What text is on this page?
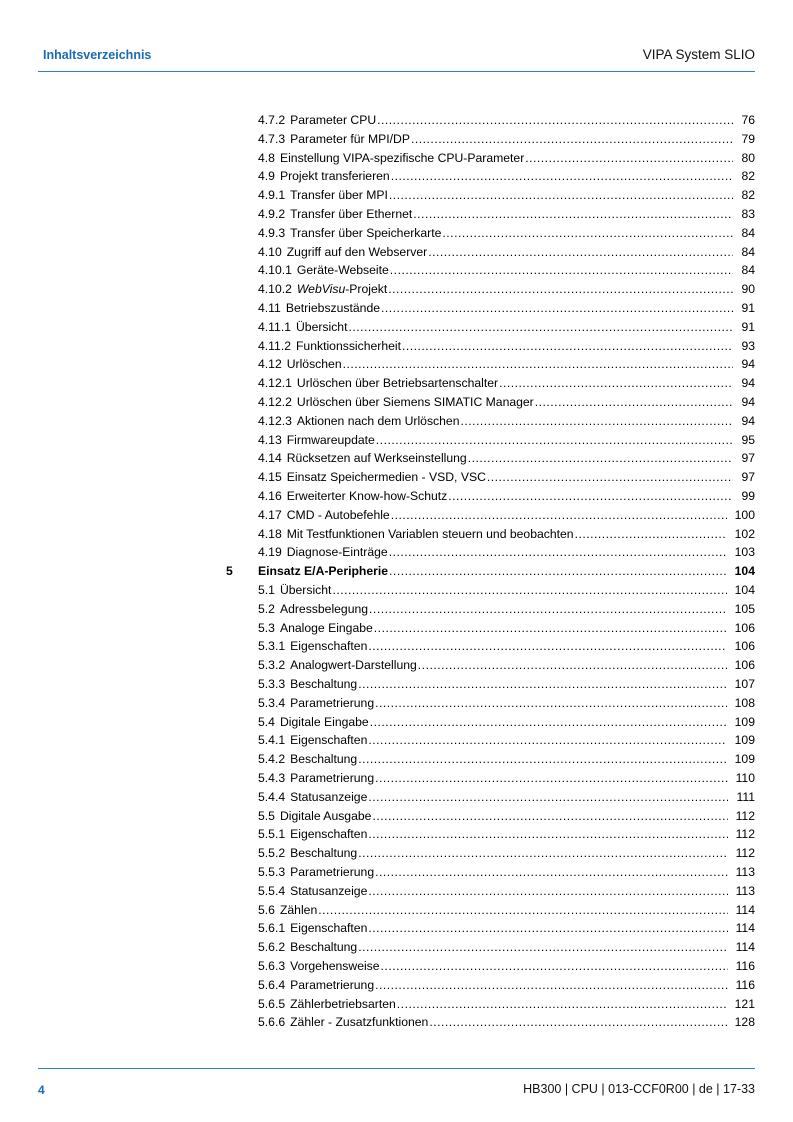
Inhaltsverzeichnis	VIPA System SLIO
4.7.2 Parameter CPU .....	76
4.7.3 Parameter für MPI/DP .....	79
4.8 Einstellung VIPA-spezifische CPU-Parameter .....	80
4.9 Projekt transferieren .....	82
4.9.1 Transfer über MPI .....	82
4.9.2 Transfer über Ethernet .....	83
4.9.3 Transfer über Speicherkarte .....	84
4.10 Zugriff auf den Webserver .....	84
4.10.1 Geräte-Webseite .....	84
4.10.2 WebVisu-Projekt .....	90
4.11 Betriebszustände .....	91
4.11.1 Übersicht .....	91
4.11.2 Funktionssicherheit .....	93
4.12 Urlöschen .....	94
4.12.1 Urlöschen über Betriebsartenschalter .....	94
4.12.2 Urlöschen über Siemens SIMATIC Manager .....	94
4.12.3 Aktionen nach dem Urlöschen .....	94
4.13 Firmwareupdate .....	95
4.14 Rücksetzen auf Werkseinstellung .....	97
4.15 Einsatz Speichermedien - VSD, VSC .....	97
4.16 Erweiterter Know-how-Schutz .....	99
4.17 CMD - Autobefehle .....	100
4.18 Mit Testfunktionen Variablen steuern und beobachten .....	102
4.19 Diagnose-Einträge .....	103
5 Einsatz E/A-Peripherie .....	104
5.1 Übersicht .....	104
5.2 Adressbelegung .....	105
5.3 Analoge Eingabe .....	106
5.3.1 Eigenschaften .....	106
5.3.2 Analogwert-Darstellung .....	106
5.3.3 Beschaltung .....	107
5.3.4 Parametrierung .....	108
5.4 Digitale Eingabe .....	109
5.4.1 Eigenschaften .....	109
5.4.2 Beschaltung .....	109
5.4.3 Parametrierung .....	110
5.4.4 Statusanzeige .....	111
5.5 Digitale Ausgabe .....	112
5.5.1 Eigenschaften .....	112
5.5.2 Beschaltung .....	112
5.5.3 Parametrierung .....	113
5.5.4 Statusanzeige .....	113
5.6 Zählen .....	114
5.6.1 Eigenschaften .....	114
5.6.2 Beschaltung .....	114
5.6.3 Vorgehensweise .....	116
5.6.4 Parametrierung .....	116
5.6.5 Zählerbetriebsarten .....	121
5.6.6 Zähler - Zusatzfunktionen .....	128
4	HB300 | CPU | 013-CCF0R00 | de | 17-33
